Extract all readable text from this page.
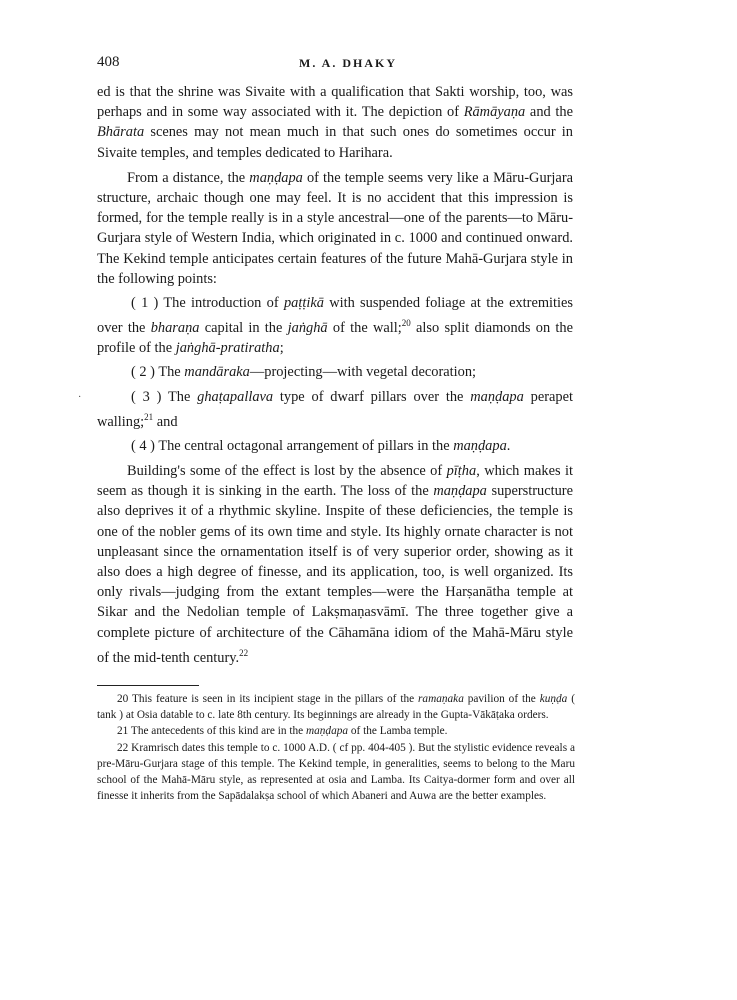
408	M. A. DHAKY
·

ed is that the shrine was Sivaite with a qualification that Sakti worship, too, was perhaps and in some way associated with it. The depiction of Rāmāyaṇa and the Bhārata scenes may not mean much in that such ones do sometimes occur in Sivaite temples, and temples dedicated to Harihara.

From a distance, the maṇḍapa of the temple seems very like a Māru-Gurjara structure, archaic though one may feel. It is no accident that this impression is formed, for the temple really is in a style ancestral—one of the parents—to Māru-Gurjara style of Western India, which originated in c. 1000 and continued onward. The Kekind temple anticipates certain features of the future Mahā-Gurjara style in the following points:

( 1 ) The introduction of paṭṭikā with suspended foliage at the extremities over the bharaṇa capital in the jaṅghā of the wall;$^{20}$ also split diamonds on the profile of the jaṅghā-pratiratha;

( 2 ) The mandāraka—projecting—with vegetal decoration;

( 3 ) The ghaṭapallava type of dwarf pillars over the maṇḍapa perapet walling;$^{21}$ and

( 4 ) The central octagonal arrangement of pillars in the maṇḍapa.

Building's some of the effect is lost by the absence of pīṭha, which makes it seem as though it is sinking in the earth. The loss of the maṇḍapa superstructure also deprives it of a rhythmic skyline. Inspite of these deficiencies, the temple is one of the nobler gems of its own time and style. Its highly ornate character is not unpleasant since the ornamentation itself is of very superior order, showing as it also does a high degree of finesse, and its application, too, is well organized. Its only rivals—judging from the extant temples—were the Harṣanātha temple at Sikar and the Nedolian temple of Lakṣmaṇasvāmī. The three together give a complete picture of architecture of the Cāhamāna idiom of the Mahā-Māru style of the mid-tenth century.$^{22}$

20 This feature is seen in its incipient stage in the pillars of the ramaṇaka pavilion of the kuṇḍa ( tank ) at Osia datable to c. late 8th century. Its beginnings are already in the Gupta-Vākāṭaka orders.

21 The antecedents of this kind are in the maṇḍapa of the Lamba temple.

22 Kramrisch dates this temple to c. 1000 A.D. ( cf pp. 404-405 ). But the stylistic evidence reveals a pre-Māru-Gurjara stage of this temple. The Kekind temple, in generalities, seems to belong to the Maru school of the Mahā-Māru style, as represented at osia and Lamba. Its Caitya-dormer form and over all finesse it inherits from the Sapādalakṣa school of which Abaneri and Auwa are the better examples.
